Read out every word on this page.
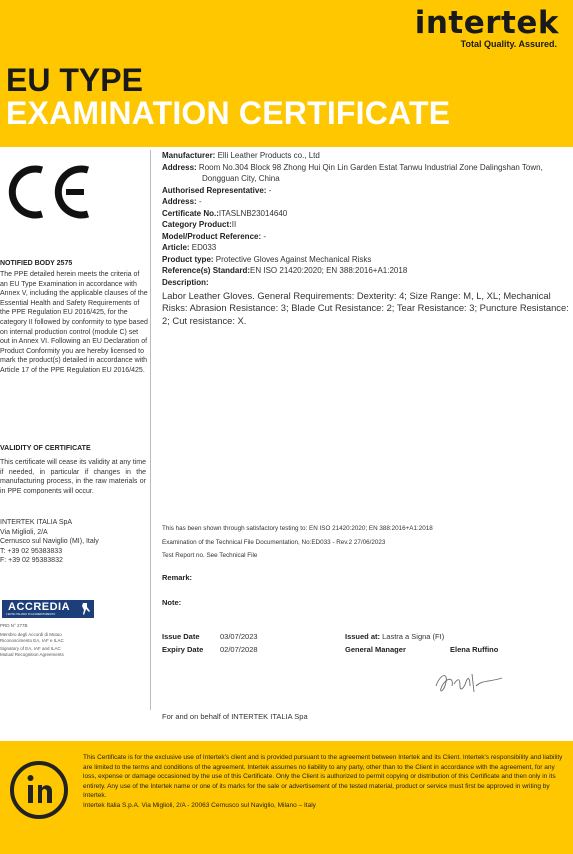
intertek
Total Quality. Assured.
EU TYPE
EXAMINATION CERTIFICATE
NOTIFIED BODY 2575
The PPE detailed herein meets the criteria of an EU Type Examination in accordance with Annex V, including the applicable clauses of the Essential Health and Safety Requirements of the PPE Regulation EU 2016/425, for the category II followed by conformity to type based on internal production control (module C) set out in Annex VI. Following an EU Declaration of Product Conformity you are hereby licensed to mark the product(s) detailed in accordance with Article 17 of the PPE Regulation EU 2016/425.
VALIDITY OF CERTIFICATE
This certificate will cease its validity at any time if needed, in particular if changes in the manufacturing process, in the raw materials or in PPE components will occur.
INTERTEK ITALIA SpA
Via Miglioli, 2/A
Cernusco sul Naviglio (MI), Italy
T: +39 02 95383833
F: +39 02 95383832
ACCREDIA
L'ENTE ITALIANO DI ACCREDITAMENTO
PRD N° 277B
Membro degli Accordi di Mutuo
Riconoscimento EA, IAF e ILAC
Signatory of EA, IAF and ILAC
Mutual Recognition Agreements
Manufacturer: Elli Leather Products co., Ltd
Address: Room No.304 Block 98 Zhong Hui Qin Lin Garden Estat Tanwu Industrial Zone Dalingshan Town,
Dongguan City, China
Authorised Representative: -
Address: -
Certificate No.:ITASLNB23014640
Category Product:II
Model/Product Reference: -
Article: ED033
Product type: Protective Gloves Against Mechanical Risks
Reference(s) Standard:EN ISO 21420:2020; EN 388:2016+A1:2018
Description:
Labor Leather Gloves. General Requirements: Dexterity: 4; Size Range: M, L, XL; Mechanical Risks: Abrasion Resistance: 3; Blade Cut Resistance: 2; Tear Resistance: 3; Puncture Resistance: 2; Cut resistance: X.
This has been shown through satisfactory testing to: EN ISO 21420:2020; EN 388:2016+A1:2018
Examination of the Technical File Documentation, No:ED033 - Rev.2 27/06/2023
Test Report no. See Technical File
Remark:
Note:
Issue Date	03/07/2023
Expiry Date 02/07/2028
Issued at: Lastra a Signa (FI)
General Manager	Elena Ruffino
For and on behalf of INTERTEK ITALIA Spa
This Certificate is for the exclusive use of Intertek's client and is provided pursuant to the agreement between Intertek and its Client. Intertek's responsibility and liability are limited to the terms and conditions of the agreement. Intertek assumes no liability to any party, other than to the Client in accordance with the agreement, for any loss, expense or damage occasioned by the use of this Certificate. Only the Client is authorized to permit copying or distribution of this Certificate and then only in its entirety. Any use of the Intertek name or one of its marks for the sale or advertisement of the tested material, product or service must first be approved in writing by Intertek.
Intertek Italia S.p.A. Via Miglioli, 2/A - 20063 Cernusco sul Naviglio, Milano – Italy
